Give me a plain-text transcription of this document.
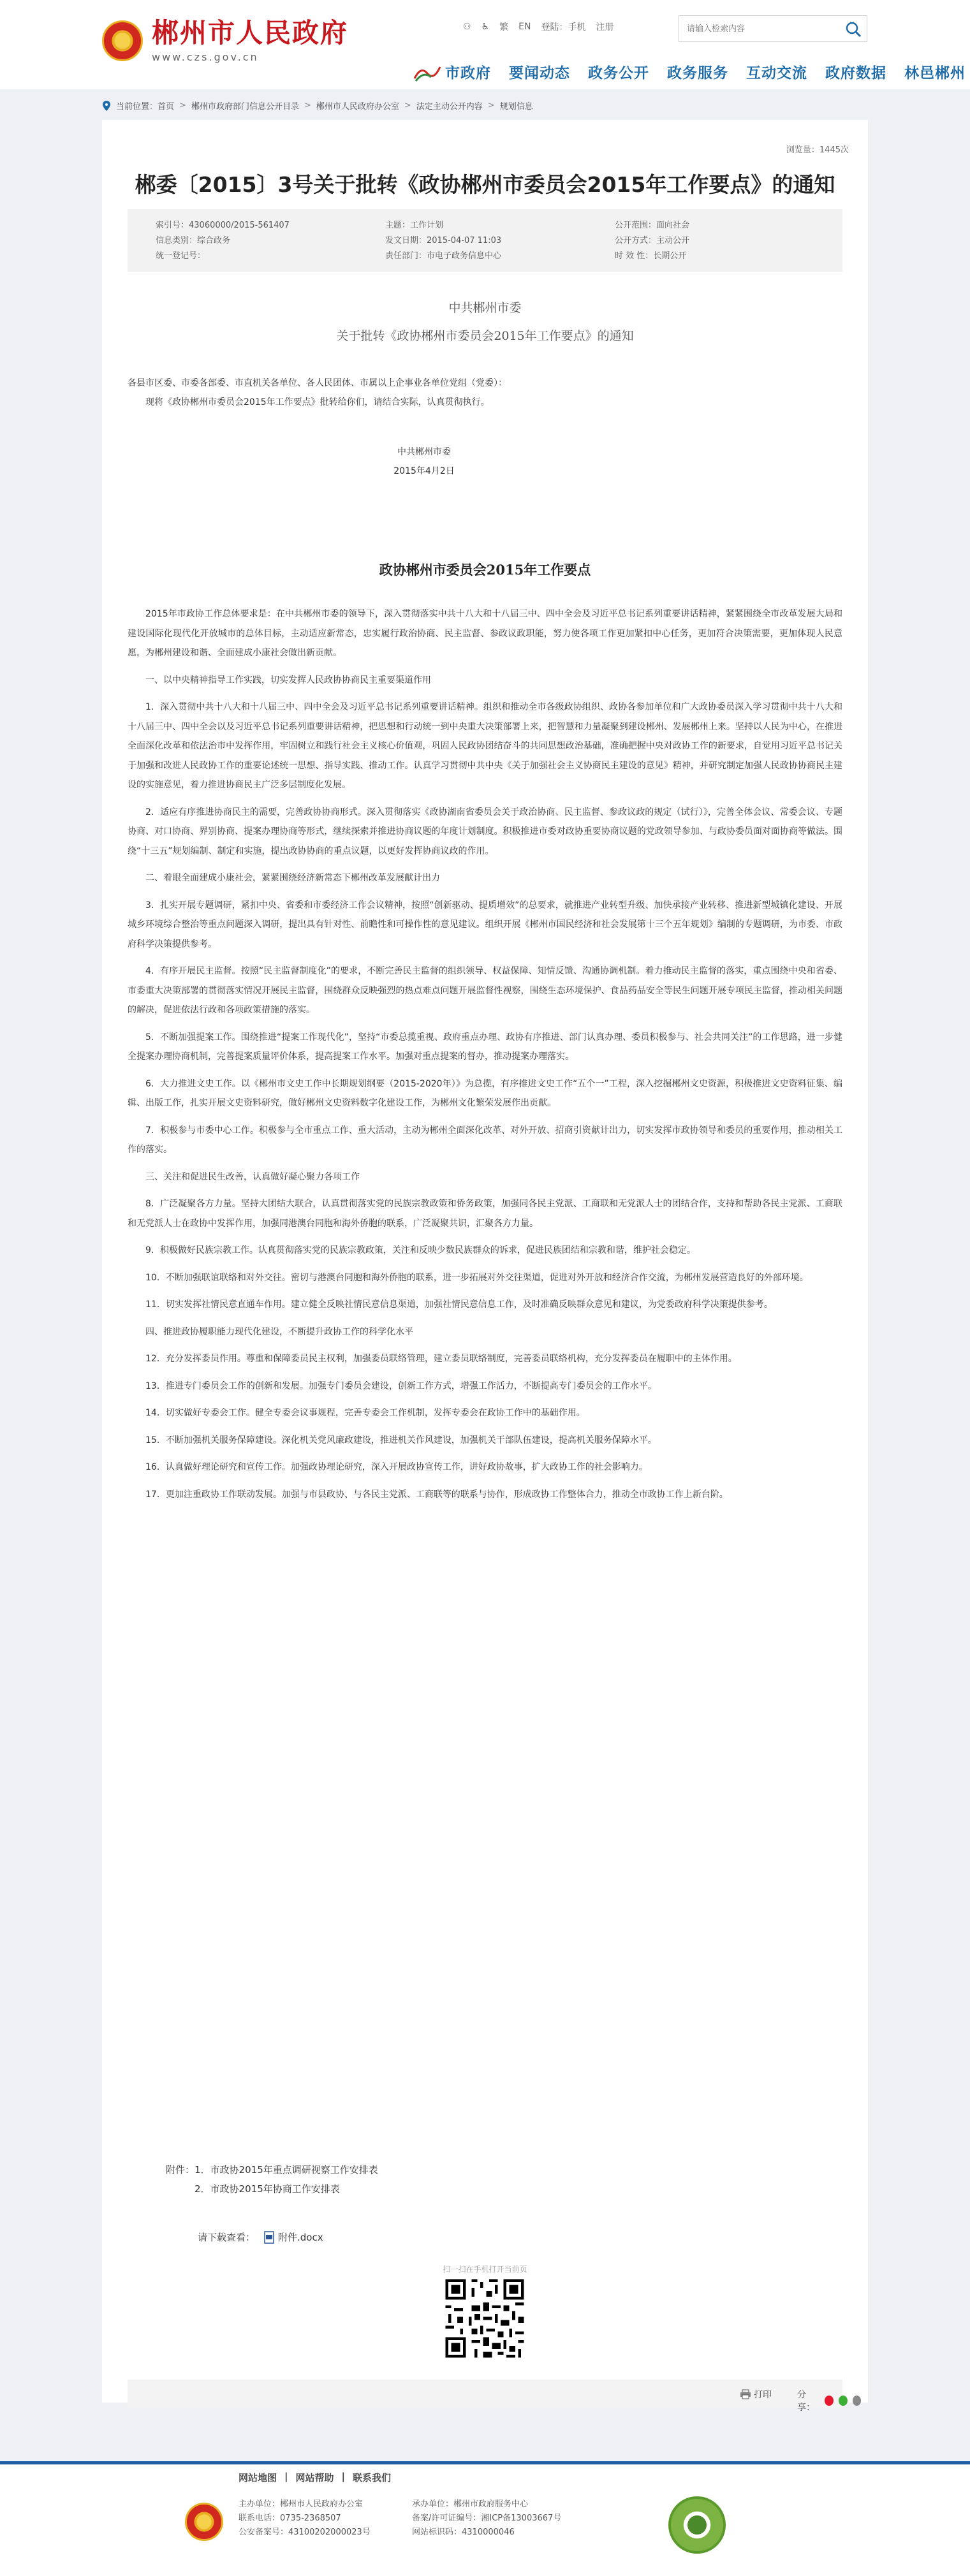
★
郴州市人民政府
www.czs.gov.cn
⚇ ♿ 繁 EN 登陆：手机 注册
请输入检索内容
市政府 要闻动态 政务公开 政务服务 互动交流 政府数据 林邑郴州
当前位置： 首页 > 郴州市政府部门信息公开目录 > 郴州市人民政府办公室 > 法定主动公开内容 > 规划信息
浏览量：1445次
郴委〔2015〕3号关于批转《政协郴州市委员会2015年工作要点》的通知
索引号：43060000/2015-561407	主题：工作计划	公开范围：面向社会
信息类别：综合政务	发文日期：2015-04-07 11:03	公开方式：主动公开
统一登记号：	责任部门：市电子政务信息中心	时 效 性：长期公开
中共郴州市委
关于批转《政协郴州市委员会2015年工作要点》的通知
各县市区委、市委各部委、市直机关各单位、各人民团体、市属以上企事业各单位党组（党委）：
现将《政协郴州市委员会2015年工作要点》批转给你们，请结合实际，认真贯彻执行。
中共郴州市委
2015年4月2日
政协郴州市委员会2015年工作要点

2015年市政协工作总体要求是：在中共郴州市委的领导下，深入贯彻落实中共十八大和十八届三中、四中全会及习近平总书记系列重要讲话精神，紧紧围绕全市改革发展大局和建设国际化现代化开放城市的总体目标，主动适应新常态，忠实履行政治协商、民主监督、参政议政职能，努力使各项工作更加紧扣中心任务，更加符合决策需要，更加体现人民意愿，为郴州建设和谐、全面建成小康社会做出新贡献。

一、以中央精神指导工作实践，切实发挥人民政协协商民主重要渠道作用

1．深入贯彻中共十八大和十八届三中、四中全会及习近平总书记系列重要讲话精神。组织和推动全市各级政协组织、政协各参加单位和广大政协委员深入学习贯彻中共十八大和十八届三中、四中全会以及习近平总书记系列重要讲话精神，把思想和行动统一到中央重大决策部署上来，把智慧和力量凝聚到建设郴州、发展郴州上来。坚持以人民为中心，在推进全面深化改革和依法治市中发挥作用，牢固树立和践行社会主义核心价值观，巩固人民政协团结奋斗的共同思想政治基础，准确把握中央对政协工作的新要求，自觉用习近平总书记关于加强和改进人民政协工作的重要论述统一思想、指导实践、推动工作。认真学习贯彻中共中央《关于加强社会主义协商民主建设的意见》精神，并研究制定加强人民政协协商民主建设的实施意见，着力推进协商民主广泛多层制度化发展。

2．适应有序推进协商民主的需要，完善政协协商形式。深入贯彻落实《政协湖南省委员会关于政治协商、民主监督、参政议政的规定（试行）》，完善全体会议、常委会议、专题协商、对口协商、界别协商、提案办理协商等形式，继续探索并推进协商议题的年度计划制度。积极推进市委对政协重要协商议题的党政领导参加、与政协委员面对面协商等做法。围绕“十三五”规划编制、制定和实施，提出政协协商的重点议题，以更好发挥协商议政的作用。

二、着眼全面建成小康社会，紧紧围绕经济新常态下郴州改革发展献计出力

3．扎实开展专题调研，紧扣中央、省委和市委经济工作会议精神，按照“创新驱动、提质增效”的总要求，就推进产业转型升级、加快承接产业转移、推进新型城镇化建设、开展城乡环境综合整治等重点问题深入调研，提出具有针对性、前瞻性和可操作性的意见建议。组织开展《郴州市国民经济和社会发展第十三个五年规划》编制的专题调研，为市委、市政府科学决策提供参考。

4．有序开展民主监督。按照“民主监督制度化”的要求，不断完善民主监督的组织领导、权益保障、知情反馈、沟通协调机制。着力推动民主监督的落实，重点围绕中央和省委、市委重大决策部署的贯彻落实情况开展民主监督，围绕群众反映强烈的热点难点问题开展监督性视察，围绕生态环境保护、食品药品安全等民生问题开展专项民主监督，推动相关问题的解决，促进依法行政和各项政策措施的落实。

5．不断加强提案工作。围绕推进“提案工作现代化”，坚持“市委总揽重视、政府重点办理、政协有序推进、部门认真办理、委员积极参与、社会共同关注”的工作思路，进一步健全提案办理协商机制，完善提案质量评价体系，提高提案工作水平。加强对重点提案的督办，推动提案办理落实。

6．大力推进文史工作。以《郴州市文史工作中长期规划纲要（2015-2020年）》为总揽，有序推进文史工作“五个一”工程，深入挖掘郴州文史资源，积极推进文史资料征集、编辑、出版工作，扎实开展文史资料研究，做好郴州文史资料数字化建设工作，为郴州文化繁荣发展作出贡献。

7．积极参与市委中心工作。积极参与全市重点工作、重大活动，主动为郴州全面深化改革、对外开放、招商引资献计出力，切实发挥市政协领导和委员的重要作用，推动相关工作的落实。

三、关注和促进民生改善，认真做好凝心聚力各项工作

8．广泛凝聚各方力量。坚持大团结大联合，认真贯彻落实党的民族宗教政策和侨务政策，加强同各民主党派、工商联和无党派人士的团结合作，支持和帮助各民主党派、工商联和无党派人士在政协中发挥作用，加强同港澳台同胞和海外侨胞的联系，广泛凝聚共识，汇聚各方力量。

9．积极做好民族宗教工作。认真贯彻落实党的民族宗教政策，关注和反映少数民族群众的诉求，促进民族团结和宗教和谐，维护社会稳定。

10．不断加强联谊联络和对外交往。密切与港澳台同胞和海外侨胞的联系，进一步拓展对外交往渠道，促进对外开放和经济合作交流，为郴州发展营造良好的外部环境。

11．切实发挥社情民意直通车作用。建立健全反映社情民意信息渠道，加强社情民意信息工作，及时准确反映群众意见和建议，为党委政府科学决策提供参考。

四、推进政协履职能力现代化建设，不断提升政协工作的科学化水平

12．充分发挥委员作用。尊重和保障委员民主权利，加强委员联络管理，建立委员联络制度，完善委员联络机构，充分发挥委员在履职中的主体作用。

13．推进专门委员会工作的创新和发展。加强专门委员会建设，创新工作方式，增强工作活力，不断提高专门委员会的工作水平。

14．切实做好专委会工作。健全专委会议事规程，完善专委会工作机制，发挥专委会在政协工作中的基础作用。

15．不断加强机关服务保障建设。深化机关党风廉政建设，推进机关作风建设，加强机关干部队伍建设，提高机关服务保障水平。

16．认真做好理论研究和宣传工作。加强政协理论研究，深入开展政协宣传工作，讲好政协故事，扩大政协工作的社会影响力。

17．更加注重政协工作联动发展。加强与市县政协、与各民主党派、工商联等的联系与协作，形成政协工作整体合力，推动全市政协工作上新台阶。

附件： 1．市政协2015年重点调研视察工作安排表
2．市政协2015年协商工作安排表
请下载查看： 附件.docx
扫一扫在手机打开当前页
打印	分享：
网站地图 | 网站帮助 | 联系我们
主办单位：郴州市人民政府办公室
联系电话：0735-2368507
公安备案号：43100202000023号
承办单位：郴州市政府服务中心
备案/许可证编号：湘ICP备13003667号
网站标识码：4310000046
